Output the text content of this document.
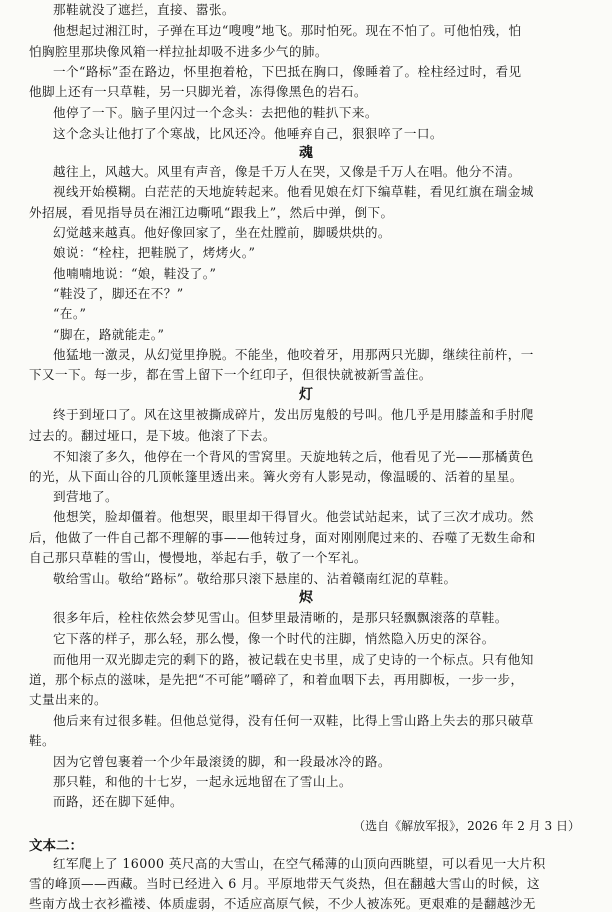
那鞋就没了遮拦，直接、嚣张。
他想起过湘江时，子弹在耳边“嗖嗖”地飞。那时怕死。现在不怕了。可他怕残，怕
怕胸腔里那块像风箱一样拉扯却吸不进多少气的肺。
一个“路标”歪在路边，怀里抱着枪，下巴抵在胸口，像睡着了。栓柱经过时，看见
他脚上还有一只草鞋，另一只脚光着，冻得像黑色的岩石。
他停了一下。脑子里闪过一个念头：去把他的鞋扒下来。
这个念头让他打了个寒战，比风还冷。他唾弃自己，狠狠啐了一口。
魂
越往上，风越大。风里有声音，像是千万人在哭，又像是千万人在唱。他分不清。
视线开始模糊。白茫茫的天地旋转起来。他看见娘在灯下编草鞋，看见红旗在瑞金城
外招展，看见指导员在湘江边嘶吼“跟我上”，然后中弹，倒下。
幻觉越来越真。他好像回家了，坐在灶膛前，脚暖烘烘的。
娘说：“栓柱，把鞋脱了，烤烤火。”
他喃喃地说：“娘，鞋没了。”
“鞋没了，脚还在不？”
“在。”
“脚在，路就能走。”
他猛地一激灵，从幻觉里挣脱。不能坐，他咬着牙，用那两只光脚，继续往前杵，一
下又一下。每一步，都在雪上留下一个红印子，但很快就被新雪盖住。
灯
终于到垭口了。风在这里被撕成碎片，发出厉鬼般的号叫。他几乎是用膝盖和手肘爬
过去的。翻过垭口，是下坡。他滚了下去。
不知滚了多久，他停在一个背风的雪窝里。天旋地转之后，他看见了光——那橘黄色
的光，从下面山谷的几顶帐篷里透出来。篝火旁有人影晃动，像温暖的、活着的星星。
到营地了。
他想笑，脸却僵着。他想哭，眼里却干得冒火。他尝试站起来，试了三次才成功。然
后，他做了一件自己都不理解的事——他转过身，面对刚刚爬过来的、吞噬了无数生命和
自己那只草鞋的雪山，慢慢地，举起右手，敬了一个军礼。
敬给雪山。敬给“路标”。敬给那只滚下悬崖的、沾着赣南红泥的草鞋。
烬
很多年后，栓柱依然会梦见雪山。但梦里最清晰的，是那只轻飘飘滚落的草鞋。
它下落的样子，那么轻，那么慢，像一个时代的注脚，悄然隐入历史的深谷。
而他用一双光脚走完的剩下的路，被记载在史书里，成了史诗的一个标点。只有他知
道，那个标点的滋味，是先把“不可能”嚼碎了，和着血咽下去，再用脚板，一步一步，
丈量出来的。
他后来有过很多鞋。但他总觉得，没有任何一双鞋，比得上雪山路上失去的那只破草
鞋。
因为它曾包裹着一个少年最滚烫的脚，和一段最冰冷的路。
那只鞋，和他的十七岁，一起永远地留在了雪山上。
而路，还在脚下延伸。
（选自《解放军报》，2026 年 2 月 3 日）
文本二：
红军爬上了 16000 英尺高的大雪山，在空气稀薄的山顶向西眺望，可以看见一大片积
雪的峰顶——西藏。当时已经进入 6 月。平原地带天气炎热，但在翻越大雪山的时候，这
些南方战士衣衫褴褛、体质虚弱，不适应高原气候，不少人被冻死。更艰难的是翻越沙无
